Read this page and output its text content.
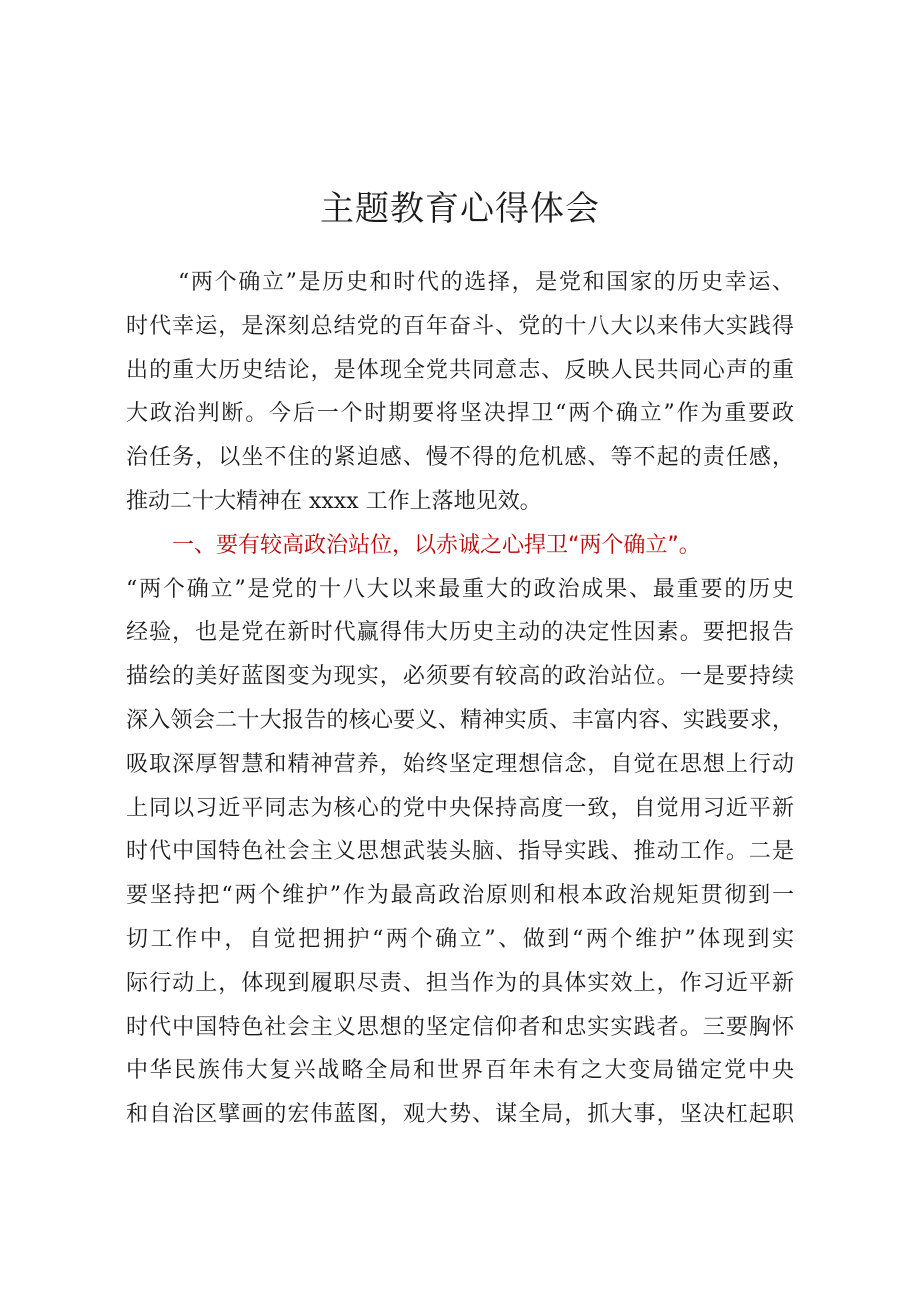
主题教育心得体会
“两个确立”是历史和时代的选择，是党和国家的历史幸运、
时代幸运，是深刻总结党的百年奋斗、党的十八大以来伟大实践得
出的重大历史结论，是体现全党共同意志、反映人民共同心声的重
大政治判断。今后一个时期要将坚决捍卫“两个确立”作为重要政
治任务，以坐不住的紧迫感、慢不得的危机感、等不起的责任感，
推动二十大精神在 xxxx 工作上落地见效。
一、要有较高政治站位，以赤诚之心捍卫“两个确立”。
“两个确立”是党的十八大以来最重大的政治成果、最重要的历史
经验，也是党在新时代赢得伟大历史主动的决定性因素。要把报告
描绘的美好蓝图变为现实，必须要有较高的政治站位。一是要持续
深入领会二十大报告的核心要义、精神实质、丰富内容、实践要求，
吸取深厚智慧和精神营养，始终坚定理想信念，自觉在思想上行动
上同以习近平同志为核心的党中央保持高度一致，自觉用习近平新
时代中国特色社会主义思想武装头脑、指导实践、推动工作。二是
要坚持把“两个维护”作为最高政治原则和根本政治规矩贯彻到一
切工作中，自觉把拥护“两个确立”、做到“两个维护”体现到实
际行动上，体现到履职尽责、担当作为的具体实效上，作习近平新
时代中国特色社会主义思想的坚定信仰者和忠实实践者。三要胸怀
中华民族伟大复兴战略全局和世界百年未有之大变局锚定党中央
和自治区擘画的宏伟蓝图，观大势、谋全局，抓大事，坚决杠起职
